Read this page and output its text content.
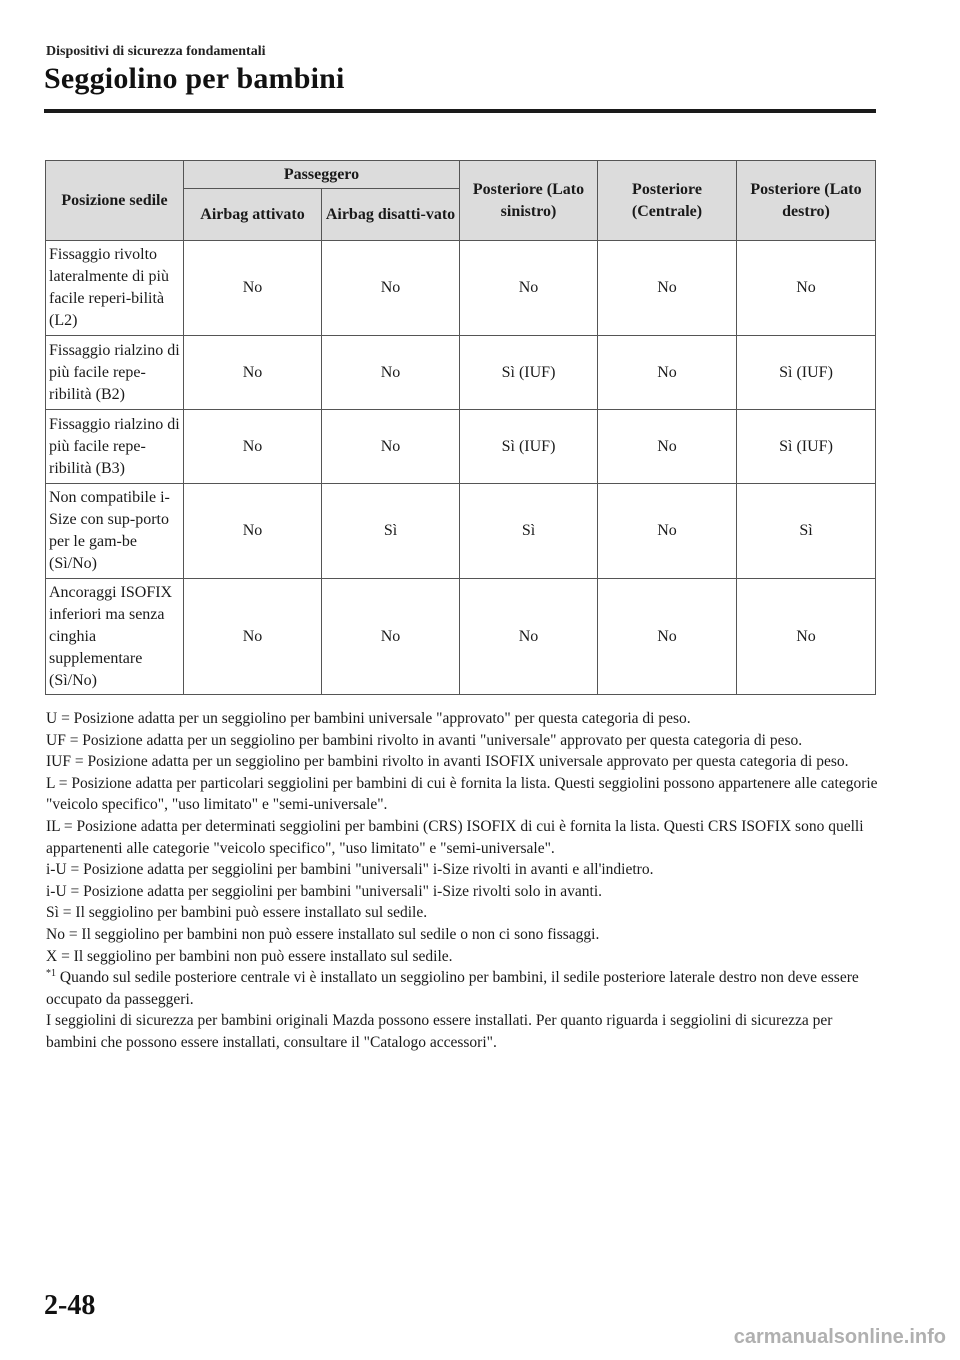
Dispositivi di sicurezza fondamentali
Seggiolino per bambini
Posizione sedile	Passeggero		Posteriore (Lato sinistro)	Posteriore (Centrale)	Posteriore (Lato destro)
	Airbag attivato	Airbag disatti-vato			
Fissaggio rivolto lateralmente di più facile reperi-bilità (L2)	No	No	No	No	No
Fissaggio rialzino di più facile repe-ribilità (B2)	No	No	Sì (IUF)	No	Sì (IUF)
Fissaggio rialzino di più facile repe-ribilità (B3)	No	No	Sì (IUF)	No	Sì (IUF)
Non compatibile i-Size con sup-porto per le gam-be (Sì/No)	No	Sì	Sì	No	Sì
Ancoraggi ISOFIX inferiori ma senza cinghia supplementare (Sì/No)	No	No	No	No	No

U = Posizione adatta per un seggiolino per bambini universale "approvato" per questa categoria di peso.

UF = Posizione adatta per un seggiolino per bambini rivolto in avanti "universale" approvato per questa categoria di peso.

IUF = Posizione adatta per un seggiolino per bambini rivolto in avanti ISOFIX universale approvato per questa categoria di peso.

L = Posizione adatta per particolari seggiolini per bambini di cui è fornita la lista. Questi seggiolini possono appartenere alle categorie "veicolo specifico", "uso limitato" e "semi-universale".

IL = Posizione adatta per determinati seggiolini per bambini (CRS) ISOFIX di cui è fornita la lista. Questi CRS ISOFIX sono quelli appartenenti alle categorie "veicolo specifico", "uso limitato" e "semi-universale".

i-U = Posizione adatta per seggiolini per bambini "universali" i-Size rivolti in avanti e all'indietro.

i-U = Posizione adatta per seggiolini per bambini "universali" i-Size rivolti solo in avanti.

Sì = Il seggiolino per bambini può essere installato sul sedile.

No = Il seggiolino per bambini non può essere installato sul sedile o non ci sono fissaggi.

X = Il seggiolino per bambini non può essere installato sul sedile.

$^{*1}$ Quando sul sedile posteriore centrale vi è installato un seggiolino per bambini, il sedile posteriore laterale destro non deve essere occupato da passeggeri.

I seggiolini di sicurezza per bambini originali Mazda possono essere installati. Per quanto riguarda i seggiolini di sicurezza per bambini che possono essere installati, consultare il "Catalogo accessori".

2-48
carmanualsonline.info
